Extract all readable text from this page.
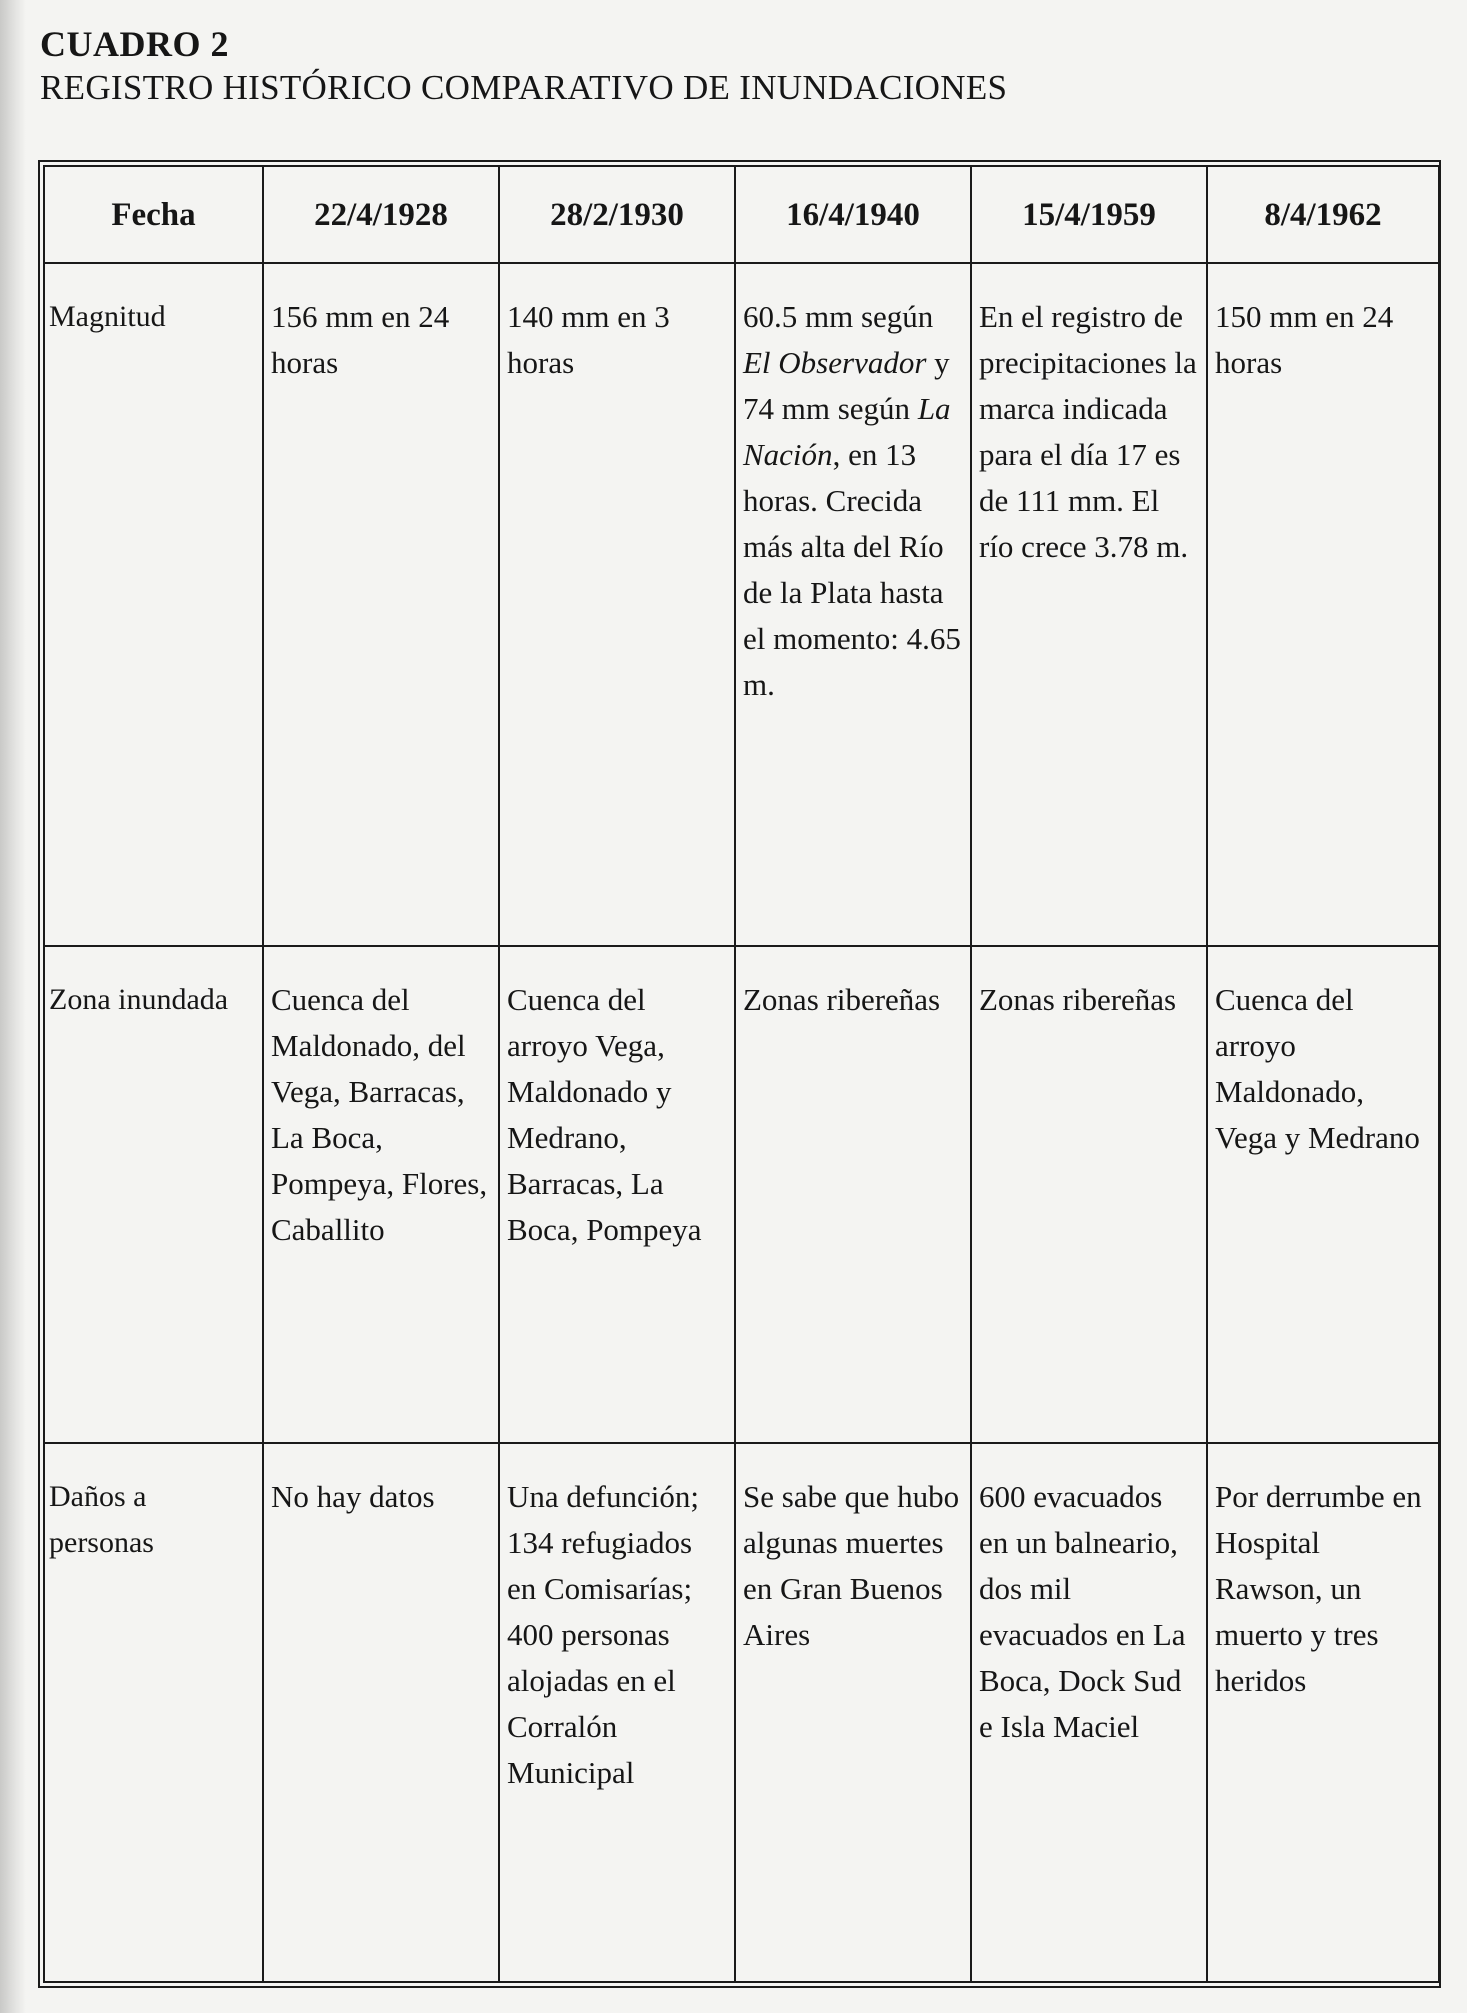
CUADRO 2

REGISTRO HISTÓRICO COMPARATIVO DE INUNDACIONES

Fecha	22/4/1928	28/2/1930	16/4/1940	15/4/1959	8/4/1962

Magnitud	156 mm en 24 horas	140 mm en 3 horas	60.5 mm según El Observador y 74 mm según La Nación, en 13 horas. Crecida más alta del Río de la Plata hasta el momento: 4.65 m.	En el registro de precipitaciones la marca indicada para el día 17 es de 111 mm. El río crece 3.78 m.	150 mm en 24 horas

Zona inundada	Cuenca del Maldonado, del Vega, Barracas, La Boca, Pompeya, Flores, Caballito	Cuenca del arroyo Vega, Maldonado y Medrano, Barracas, La Boca, Pompeya	Zonas ribereñas	Zonas ribereñas	Cuenca del arroyo Maldonado, Vega y Medrano

Daños a personas	No hay datos	Una defunción; 134 refugiados en Comisarías; 400 personas alojadas en el Corralón Municipal	Se sabe que hubo algunas muertes en Gran Buenos Aires	600 evacuados en un balneario, dos mil evacuados en La Boca, Dock Sud e Isla Maciel	Por derrumbe en Hospital Rawson, un muerto y tres heridos
